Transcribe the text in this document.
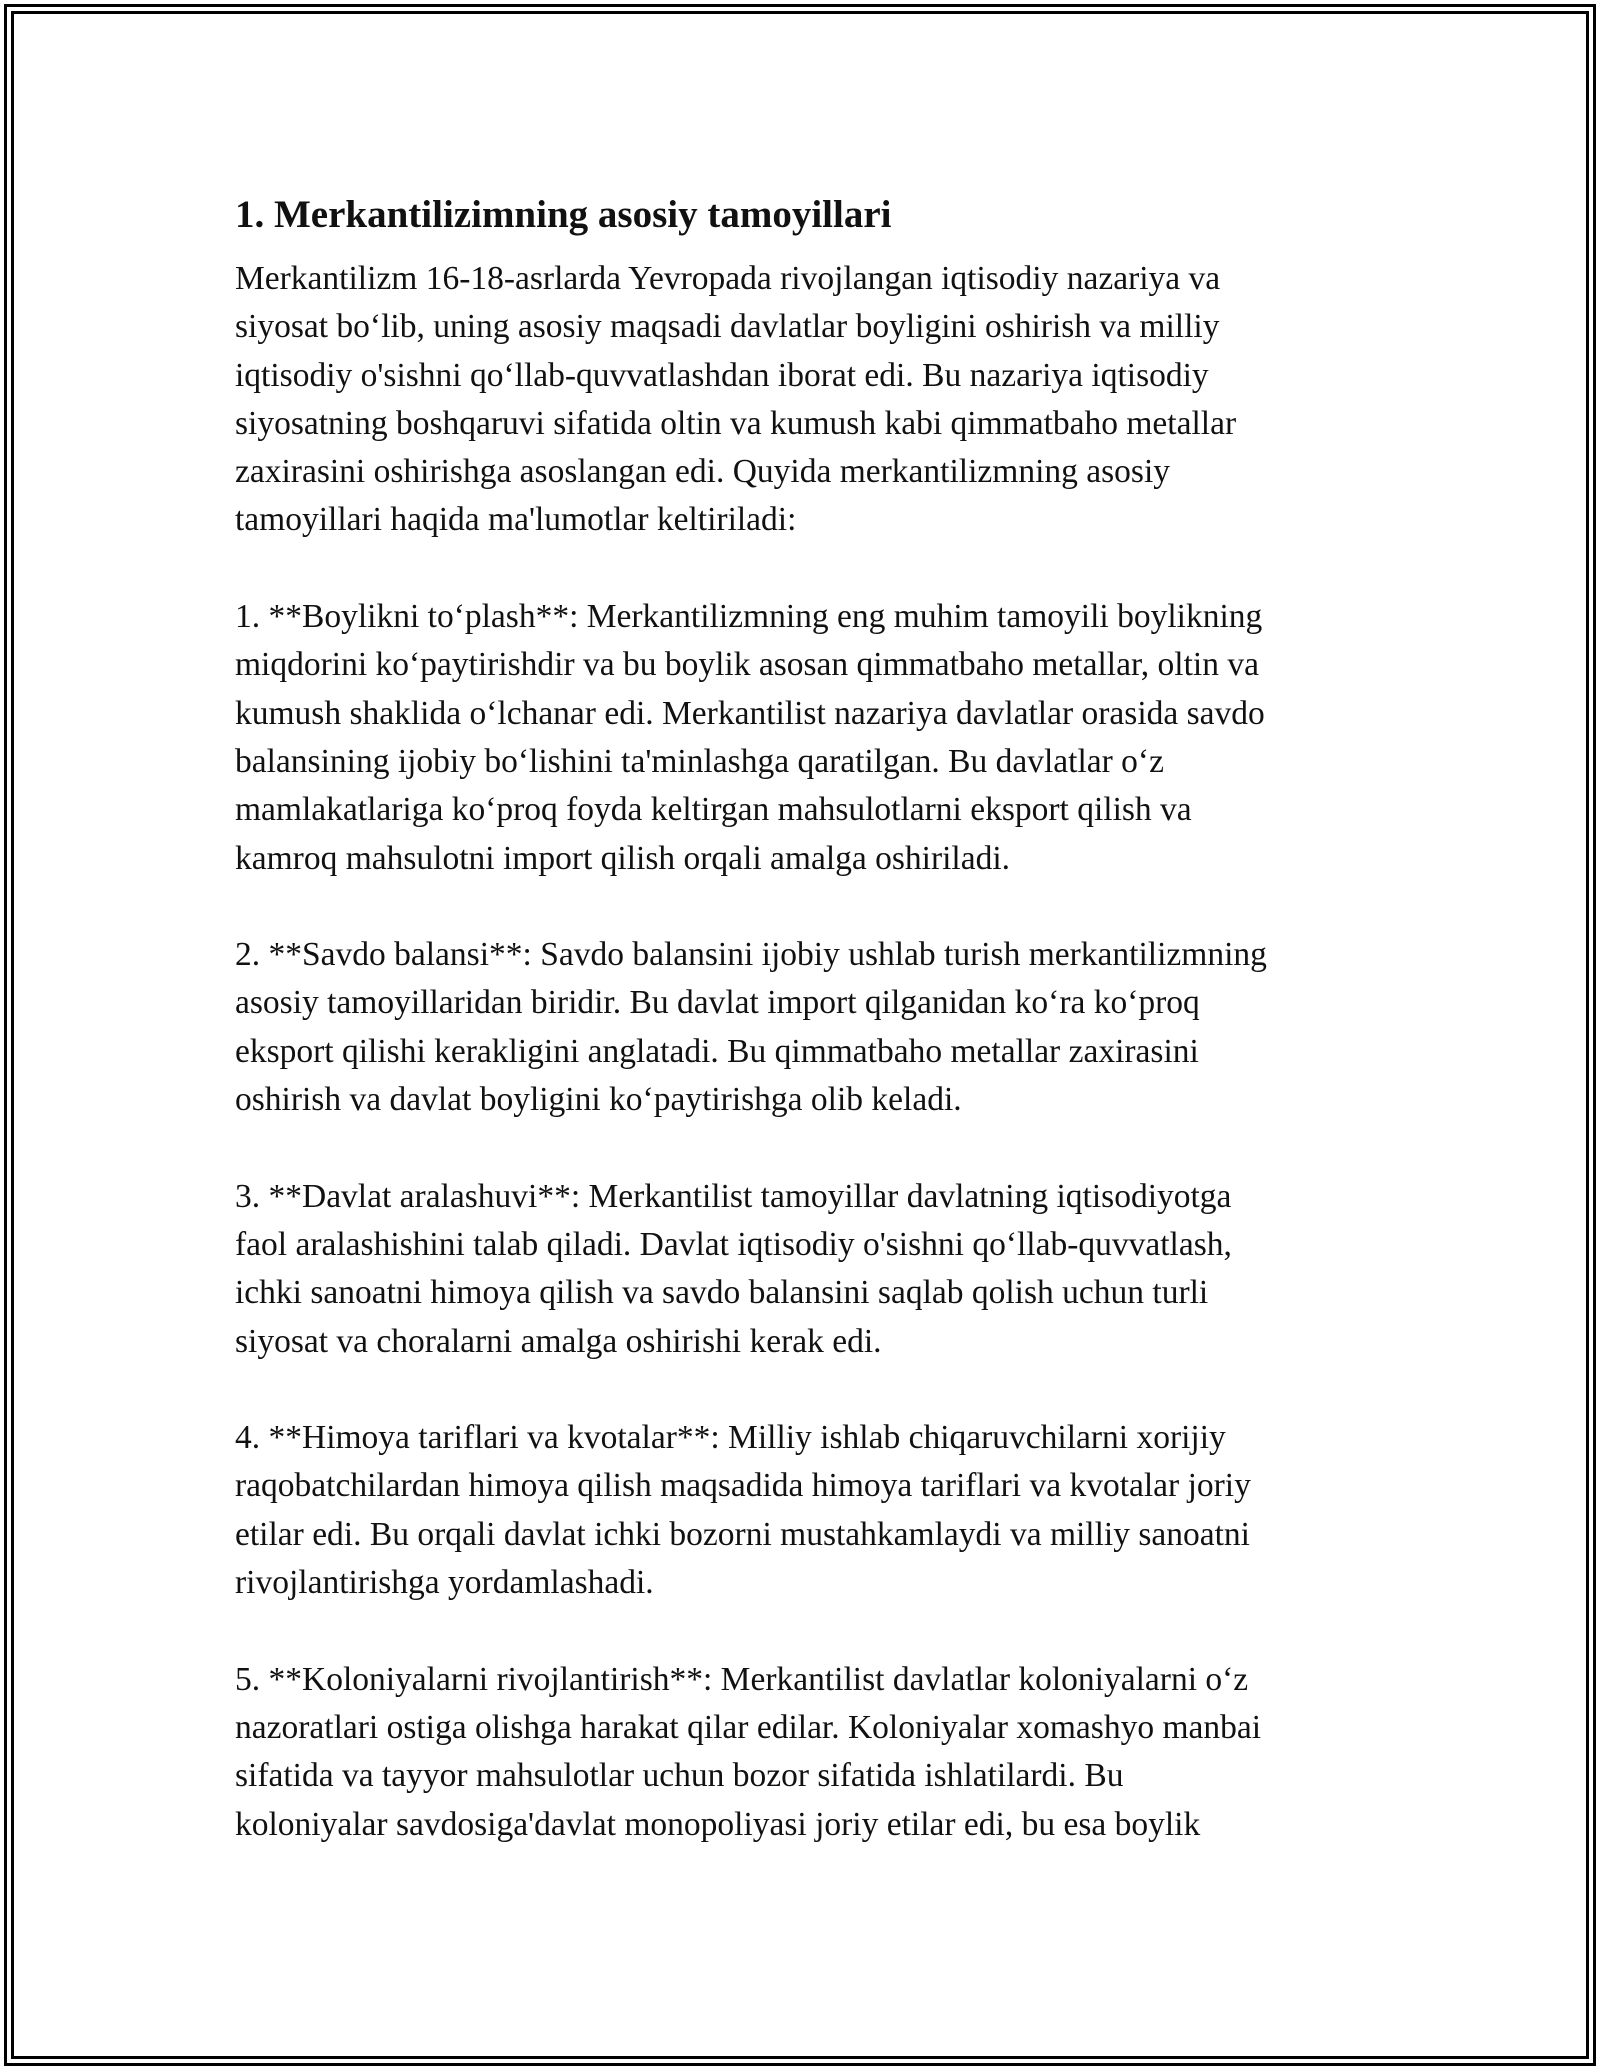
1. Merkantilizimning asosiy tamoyillari
Merkantilizm 16-18-asrlarda Yevropada rivojlangan iqtisodiy nazariya va
siyosat bo‘lib, uning asosiy maqsadi davlatlar boyligini oshirish va milliy
iqtisodiy o'sishni qo‘llab-quvvatlashdan iborat edi. Bu nazariya iqtisodiy
siyosatning boshqaruvi sifatida oltin va kumush kabi qimmatbaho metallar
zaxirasini oshirishga asoslangan edi. Quyida merkantilizmning asosiy
tamoyillari haqida ma'lumotlar keltiriladi:
1. **Boylikni to‘plash**: Merkantilizmning eng muhim tamoyili boylikning
miqdorini ko‘paytirishdir va bu boylik asosan qimmatbaho metallar, oltin va
kumush shaklida o‘lchanar edi. Merkantilist nazariya davlatlar orasida savdo
balansining ijobiy bo‘lishini ta'minlashga qaratilgan. Bu davlatlar o‘z
mamlakatlariga ko‘proq foyda keltirgan mahsulotlarni eksport qilish va
kamroq mahsulotni import qilish orqali amalga oshiriladi.
2. **Savdo balansi**: Savdo balansini ijobiy ushlab turish merkantilizmning
asosiy tamoyillaridan biridir. Bu davlat import qilganidan ko‘ra ko‘proq
eksport qilishi kerakligini anglatadi. Bu qimmatbaho metallar zaxirasini
oshirish va davlat boyligini ko‘paytirishga olib keladi.
3. **Davlat aralashuvi**: Merkantilist tamoyillar davlatning iqtisodiyotga
faol aralashishini talab qiladi. Davlat iqtisodiy o'sishni qo‘llab-quvvatlash,
ichki sanoatni himoya qilish va savdo balansini saqlab qolish uchun turli
siyosat va choralarni amalga oshirishi kerak edi.
4. **Himoya tariflari va kvotalar**: Milliy ishlab chiqaruvchilarni xorijiy
raqobatchilardan himoya qilish maqsadida himoya tariflari va kvotalar joriy
etilar edi. Bu orqali davlat ichki bozorni mustahkamlaydi va milliy sanoatni
rivojlantirishga yordamlashadi.
5. **Koloniyalarni rivojlantirish**: Merkantilist davlatlar koloniyalarni o‘z
nazoratlari ostiga olishga harakat qilar edilar. Koloniyalar xomashyo manbai
sifatida va tayyor mahsulotlar uchun bozor sifatida ishlatilardi. Bu
koloniyalar savdosiga'davlat monopoliyasi joriy etilar edi, bu esa boylik
